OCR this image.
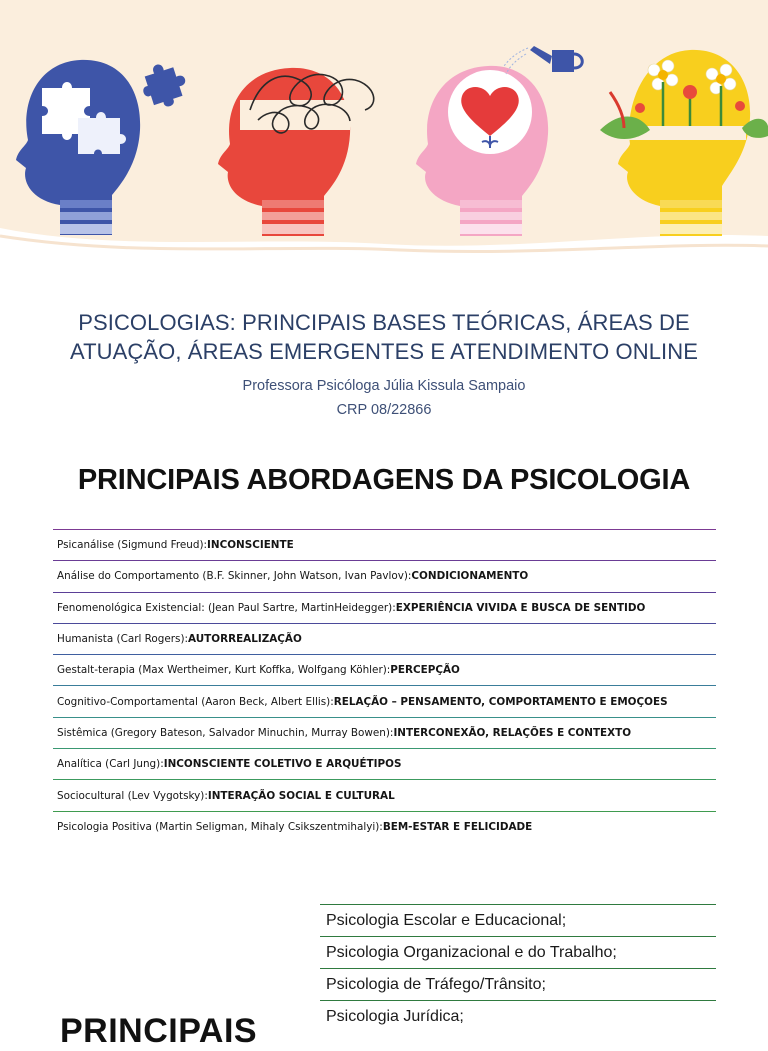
PSICOLOGIAS: PRINCIPAIS BASES TEÓRICAS, ÁREAS DE
ATUAÇÃO, ÁREAS EMERGENTES E ATENDIMENTO ONLINE
Professora Psicóloga Júlia Kissula Sampaio
CRP 08/22866
PRINCIPAIS ABORDAGENS DA PSICOLOGIA
Psicanálise (Sigmund Freud): INCONSCIENTE
Análise do Comportamento (B.F. Skinner, John Watson, Ivan Pavlov): CONDICIONAMENTO
Fenomenológica Existencial: (Jean Paul Sartre, MartinHeidegger): EXPERIÊNCIA VIVIDA E BUSCA DE SENTIDO
Humanista (Carl Rogers): AUTORREALIZAÇÃO
Gestalt-terapia (Max Wertheimer, Kurt Koffka, Wolfgang Köhler): PERCEPÇÃO
Cognitivo-Comportamental (Aaron Beck, Albert Ellis): RELAÇÃO – PENSAMENTO, COMPORTAMENTO E EMOÇOES
Sistêmica (Gregory Bateson, Salvador Minuchin, Murray Bowen): INTERCONEXÃO, RELAÇÕES E CONTEXTO
Analítica (Carl Jung): INCONSCIENTE COLETIVO E ARQUÉTIPOS
Sociocultural (Lev Vygotsky): INTERAÇÃO SOCIAL E CULTURAL
Psicologia Positiva (Martin Seligman, Mihaly Csikszentmihalyi): BEM-ESTAR E FELICIDADE
Psicologia Escolar e Educacional;
Psicologia Organizacional e do Trabalho;
Psicologia de Tráfego/Trânsito;
Psicologia Jurídica;
PRINCIPAIS
